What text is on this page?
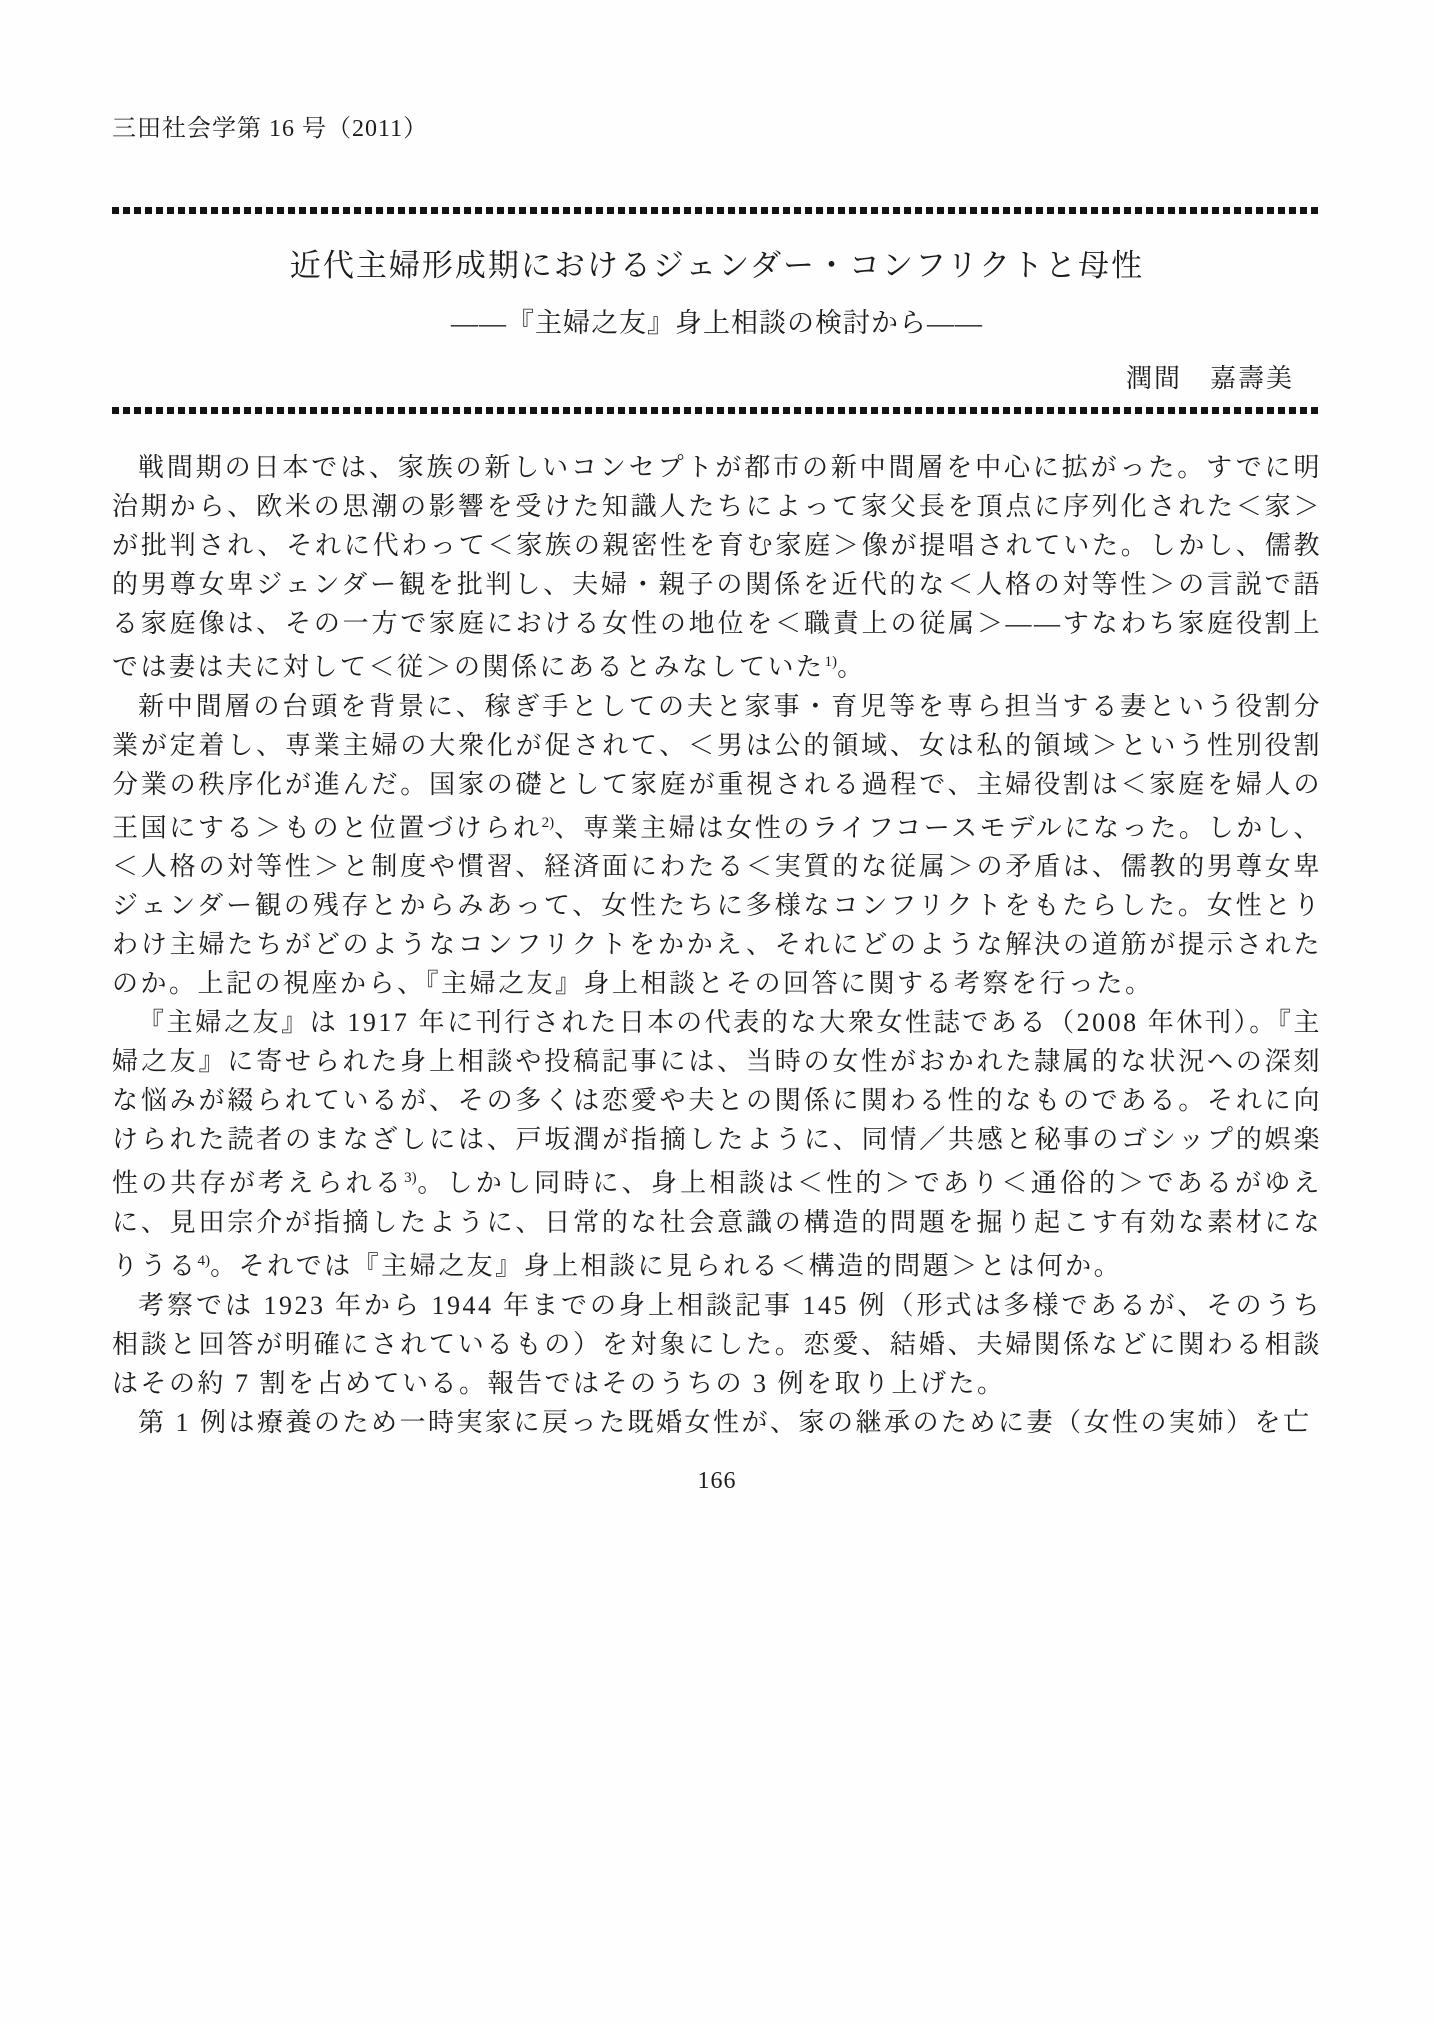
三田社会学第 16 号（2011）
近代主婦形成期におけるジェンダー・コンフリクトと母性
――『主婦之友』身上相談の検討から――
潤間　嘉壽美

戦間期の日本では、家族の新しいコンセプトが都市の新中間層を中心に拡がった。すでに明治期から、欧米の思潮の影響を受けた知識人たちによって家父長を頂点に序列化された＜家＞が批判され、それに代わって＜家族の親密性を育む家庭＞像が提唱されていた。しかし、儒教的男尊女卑ジェンダー観を批判し、夫婦・親子の関係を近代的な＜人格の対等性＞の言説で語る家庭像は、その一方で家庭における女性の地位を＜職責上の従属＞――すなわち家庭役割上では妻は夫に対して＜従＞の関係にあるとみなしていた$^{1)}$。

新中間層の台頭を背景に、稼ぎ手としての夫と家事・育児等を専ら担当する妻という役割分業が定着し、専業主婦の大衆化が促されて、＜男は公的領域、女は私的領域＞という性別役割分業の秩序化が進んだ。国家の礎として家庭が重視される過程で、主婦役割は＜家庭を婦人の王国にする＞ものと位置づけられ$^{2)}$、専業主婦は女性のライフコースモデルになった。しかし、＜人格の対等性＞と制度や慣習、経済面にわたる＜実質的な従属＞の矛盾は、儒教的男尊女卑ジェンダー観の残存とからみあって、女性たちに多様なコンフリクトをもたらした。女性とりわけ主婦たちがどのようなコンフリクトをかかえ、それにどのような解決の道筋が提示されたのか。上記の視座から、『主婦之友』身上相談とその回答に関する考察を行った。

『主婦之友』は 1917 年に刊行された日本の代表的な大衆女性誌である（2008 年休刊）。『主婦之友』に寄せられた身上相談や投稿記事には、当時の女性がおかれた隷属的な状況への深刻な悩みが綴られているが、その多くは恋愛や夫との関係に関わる性的なものである。それに向けられた読者のまなざしには、戸坂潤が指摘したように、同情／共感と秘事のゴシップ的娯楽性の共存が考えられる$^{3)}$。しかし同時に、身上相談は＜性的＞であり＜通俗的＞であるがゆえに、見田宗介が指摘したように、日常的な社会意識の構造的問題を掘り起こす有効な素材になりうる$^{4)}$。それでは『主婦之友』身上相談に見られる＜構造的問題＞とは何か。

考察では 1923 年から 1944 年までの身上相談記事 145 例（形式は多様であるが、そのうち相談と回答が明確にされているもの）を対象にした。恋愛、結婚、夫婦関係などに関わる相談はその約 7 割を占めている。報告ではそのうちの 3 例を取り上げた。

第 1 例は療養のため一時実家に戻った既婚女性が、家の継承のために妻（女性の実姉）を亡

166
